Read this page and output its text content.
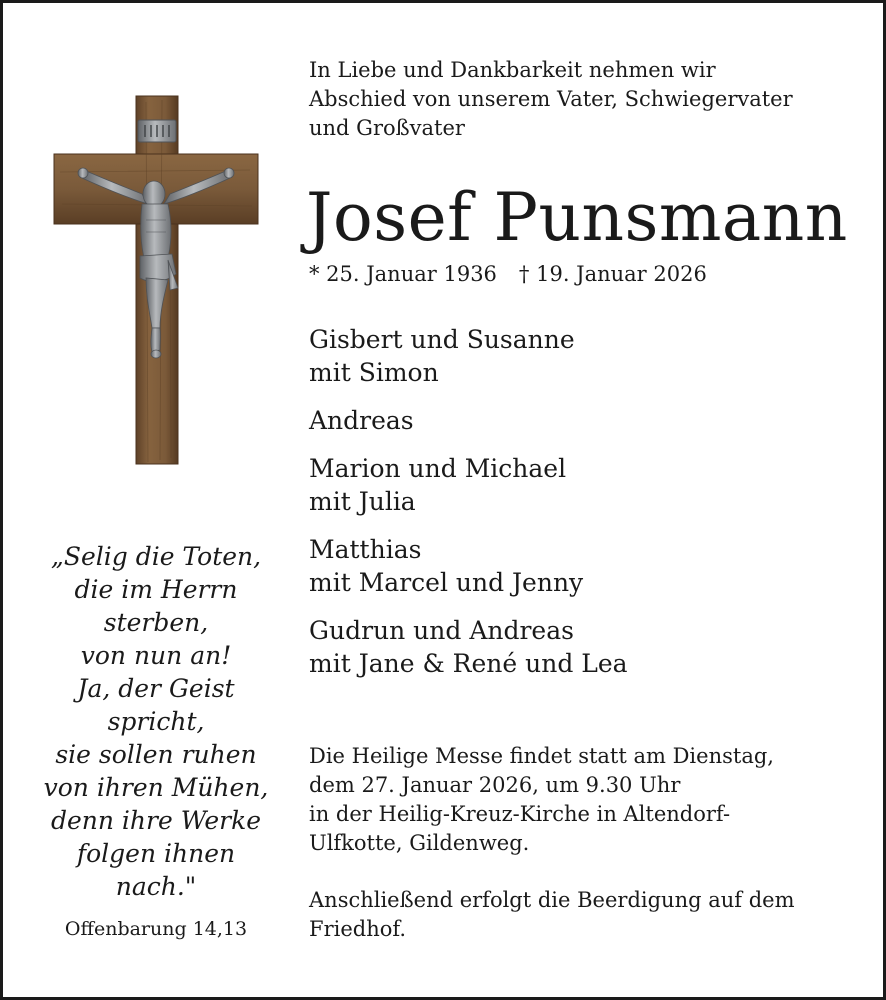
In Liebe und Dankbarkeit nehmen wir
Abschied von unserem Vater, Schwiegervater
und Großvater
Josef Punsmann
* 25. Januar 1936 † 19. Januar 2026
Gisbert und Susanne
mit Simon
Andreas
Marion und Michael
mit Julia
Matthias
mit Marcel und Jenny
Gudrun und Andreas
mit Jane & René und Lea
Die Heilige Messe findet statt am Dienstag,
dem 27. Januar 2026, um 9.30 Uhr
in der Heilig-Kreuz-Kirche in Altendorf-
Ulfkotte, Gildenweg.
Anschließend erfolgt die Beerdigung auf dem
Friedhof.
„Selig die Toten,
die im Herrn
sterben,
von nun an!
Ja, der Geist
spricht,
sie sollen ruhen
von ihren Mühen,
denn ihre Werke
folgen ihnen
nach."
Offenbarung 14,13
